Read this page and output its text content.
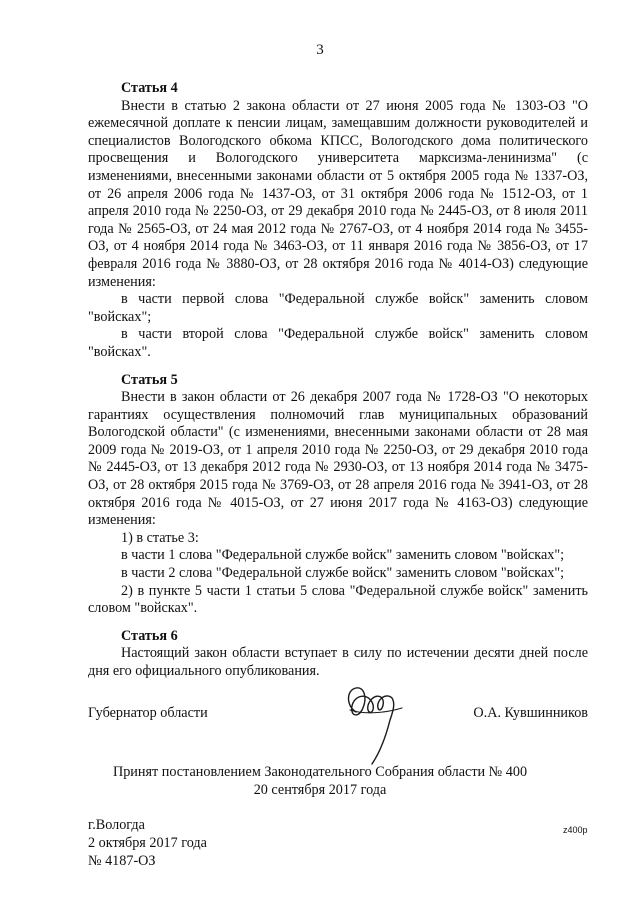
3
Статья 4

Внести в статью 2 закона области от 27 июня 2005 года № 1303-ОЗ "О ежемесячной доплате к пенсии лицам, замещавшим должности руководителей и специалистов Вологодского обкома КПСС, Вологодского дома политического просвещения и Вологодского университета марксизма-ленинизма" (с изменениями, внесенными законами области от 5 октября 2005 года № 1337-ОЗ, от 26 апреля 2006 года № 1437-ОЗ, от 31 октября 2006 года № 1512-ОЗ, от 1 апреля 2010 года № 2250-ОЗ, от 29 декабря 2010 года № 2445-ОЗ, от 8 июля 2011 года № 2565-ОЗ, от 24 мая 2012 года № 2767-ОЗ, от 4 ноября 2014 года № 3455-ОЗ, от 4 ноября 2014 года № 3463-ОЗ, от 11 января 2016 года № 3856-ОЗ, от 17 февраля 2016 года № 3880-ОЗ, от 28 октября 2016 года № 4014-ОЗ) следующие изменения:

в части первой слова "Федеральной службе войск" заменить словом "войсках";

в части второй слова "Федеральной службе войск" заменить словом "войсках".

Статья 5

Внести в закон области от 26 декабря 2007 года № 1728-ОЗ "О некоторых гарантиях осуществления полномочий глав муниципальных образований Вологодской области" (с изменениями, внесенными законами области от 28 мая 2009 года № 2019-ОЗ, от 1 апреля 2010 года № 2250-ОЗ, от 29 декабря 2010 года № 2445-ОЗ, от 13 декабря 2012 года № 2930-ОЗ, от 13 ноября 2014 года № 3475-ОЗ, от 28 октября 2015 года № 3769-ОЗ, от 28 апреля 2016 года № 3941-ОЗ, от 28 октября 2016 года № 4015-ОЗ, от 27 июня 2017 года № 4163-ОЗ) следующие изменения:

1) в статье 3:

в части 1 слова "Федеральной службе войск" заменить словом "войсках";

в части 2 слова "Федеральной службе войск" заменить словом "войсках";

2) в пункте 5 части 1 статьи 5 слова "Федеральной службе войск" заменить словом "войсках".

Статья 6

Настоящий закон области вступает в силу по истечении десяти дней после дня его официального опубликования.

Губернатор области	О.А. Кувшинников
Принят постановлением Законодательного Собрания области № 400
20 сентября 2017 года
г.Вологда
2 октября 2017 года
№ 4187-ОЗ
z400p
